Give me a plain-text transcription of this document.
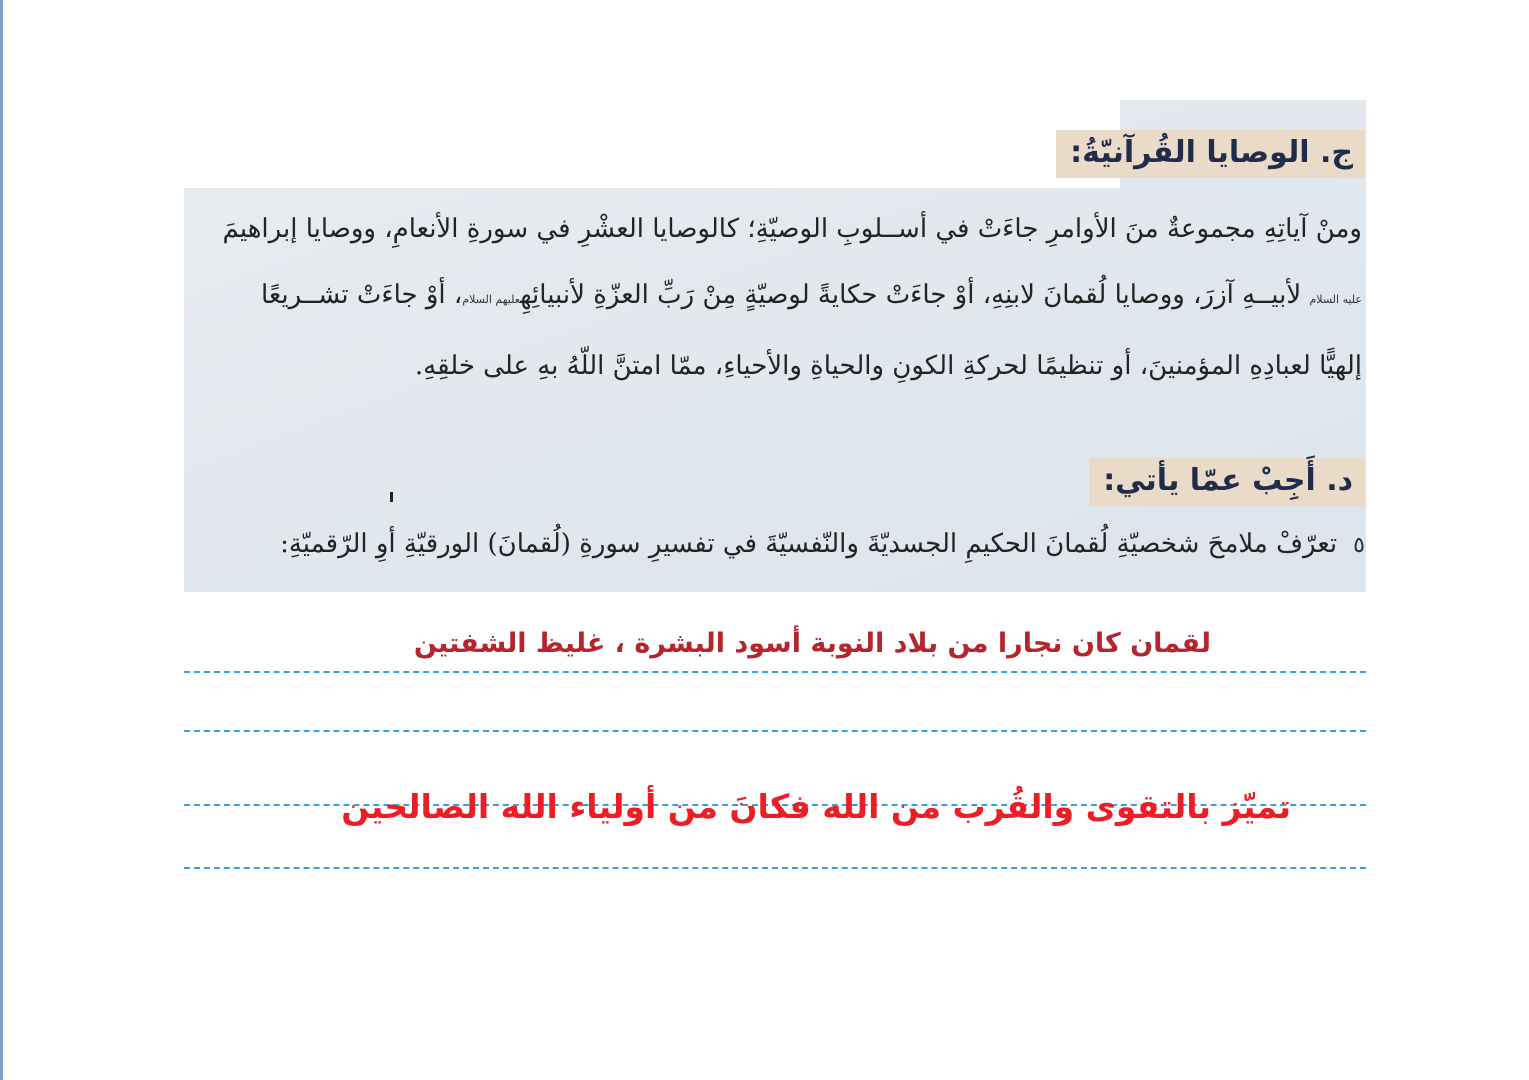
ج. الوصايا القُرآنيّةُ:
ومنْ آياتِهِ مجموعةٌ منَ الأوامرِ جاءَتْ في أســلوبِ الوصيّةِ؛ كالوصايا العشْرِ في سورةِ الأنعامِ، ووصايا إبراهيمَ
عليه السلام لأبيــهِ آزرَ، ووصايا لُقمانَ لابنِهِ، أوْ جاءَتْ حكايةً لوصيّةٍ مِنْ رَبِّ العزّةِ لأنبيائِهِعليهم السلام، أوْ جاءَتْ تشــريعًا
إلهيًّا لعبادِهِ المؤمنينَ، أو تنظيمًا لحركةِ الكونِ والحياةِ والأحياءِ، ممّا امتنَّ اللّهُ بهِ على خلقِهِ.
د. أَجِبْ عمّا يأتي:
٥تعرّفْ ملامحَ شخصيّةِ لُقمانَ الحكيمِ الجسديّةَ والنّفسيّةَ في تفسيرِ سورةِ (لُقمانَ) الورقيّةِ أوِ الرّقميّةِ:
لقمان كان نجارا من بلاد النوبة أسود البشرة ، غليظ الشفتين
تميّز بالتقوى والقُرب من الله فكانَ من أولياء الله الصالحين
